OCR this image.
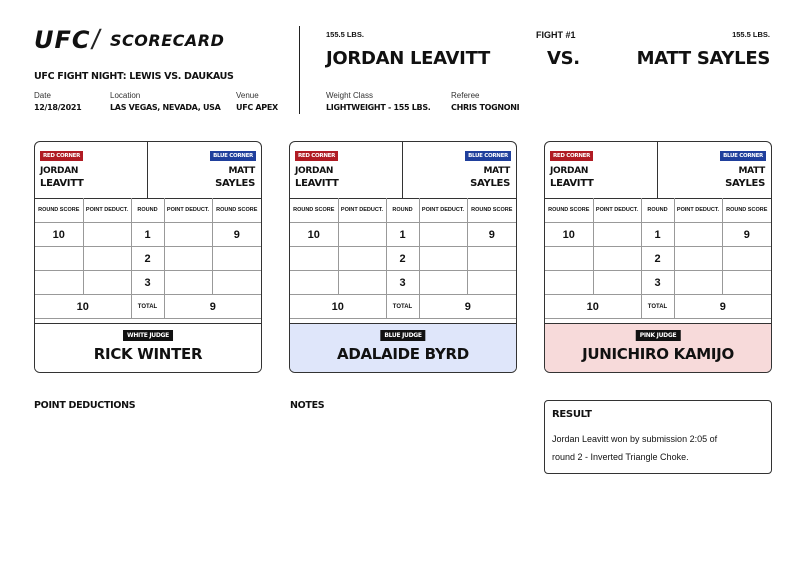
UFC
/ SCORECARD
UFC FIGHT NIGHT: LEWIS VS. DAUKAUS
Date
12/18/2021
Location
LAS VEGAS, NEVADA, USA
Venue
UFC APEX
155.5 LBS.
JORDAN LEAVITT
FIGHT #1
VS.
155.5 LBS.
MATT SAYLES
Weight Class
LIGHTWEIGHT - 155 LBS.
Referee
CHRIS TOGNONI
RED CORNER
JORDAN
LEAVITT
BLUE CORNER
MATT
SAYLES
ROUND SCORE	POINT DEDUCT.	ROUND	POINT DEDUCT.	ROUND SCORE
10		1		9
		2		
		3		
10		TOTAL	9	
WHITE JUDGE
RICK WINTER
RED CORNER
JORDAN
LEAVITT
BLUE CORNER
MATT
SAYLES
ROUND SCORE	POINT DEDUCT.	ROUND	POINT DEDUCT.	ROUND SCORE
10		1		9
		2		
		3		
10		TOTAL	9	
BLUE JUDGE
ADALAIDE BYRD
RED CORNER
JORDAN
LEAVITT
BLUE CORNER
MATT
SAYLES
ROUND SCORE	POINT DEDUCT.	ROUND	POINT DEDUCT.	ROUND SCORE
10		1		9
		2		
		3		
10		TOTAL	9	
PINK JUDGE
JUNICHIRO KAMIJO
POINT DEDUCTIONS	NOTES
RESULT
Jordan Leavitt won by submission 2:05 of
round 2 - Inverted Triangle Choke.
